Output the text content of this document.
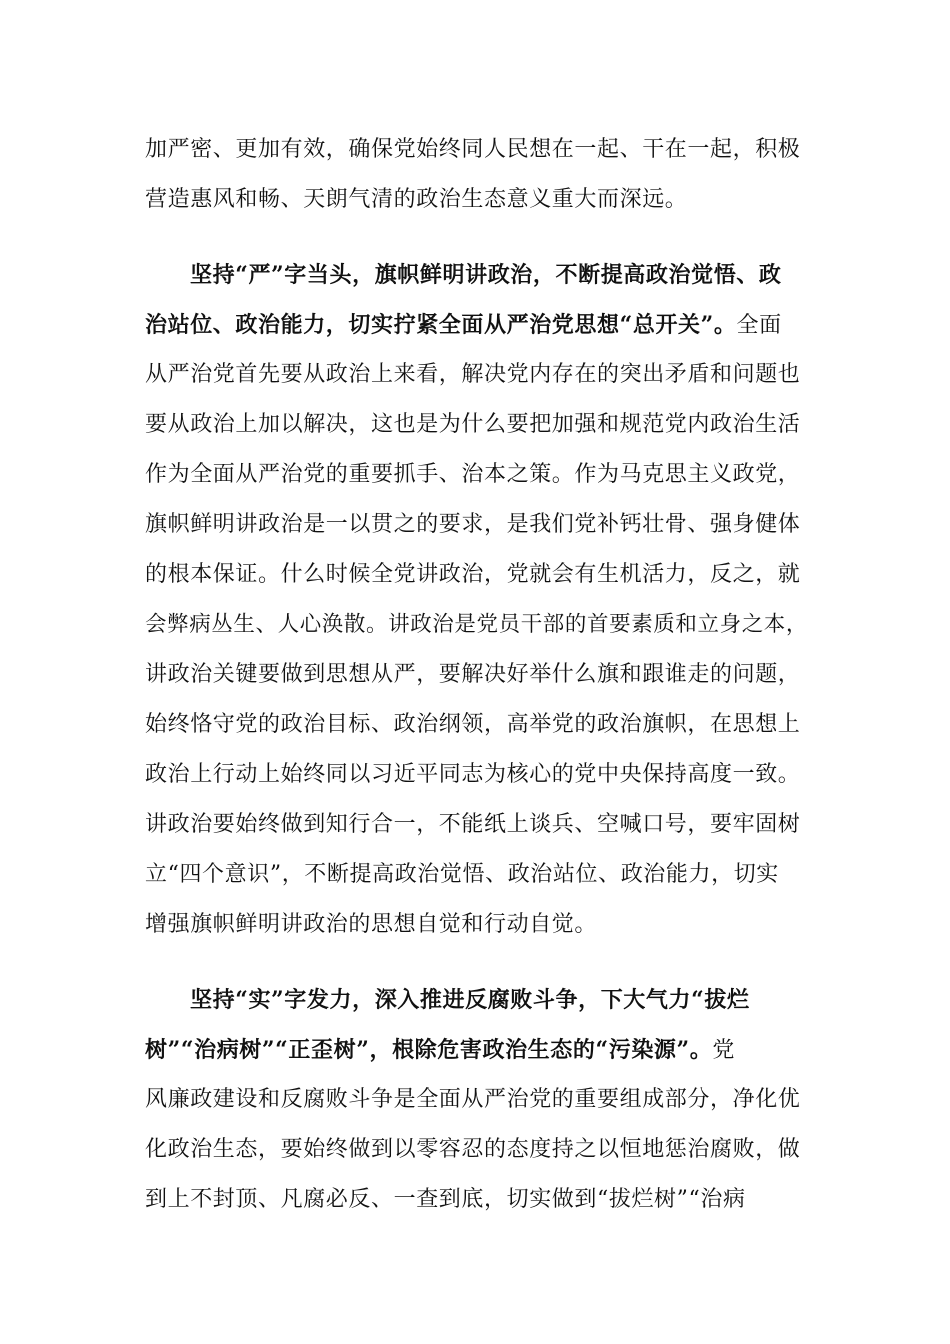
加严密、更加有效，确保党始终同人民想在一起、干在一起，积极
营造惠风和畅、天朗气清的政治生态意义重大而深远。
坚持“严”字当头，旗帜鲜明讲政治，不断提高政治觉悟、政
治站位、政治能力，切实拧紧全面从严治党思想“总开关”。全面
从严治党首先要从政治上来看，解决党内存在的突出矛盾和问题也
要从政治上加以解决，这也是为什么要把加强和规范党内政治生活
作为全面从严治党的重要抓手、治本之策。作为马克思主义政党，
旗帜鲜明讲政治是一以贯之的要求，是我们党补钙壮骨、强身健体
的根本保证。什么时候全党讲政治，党就会有生机活力，反之，就
会弊病丛生、人心涣散。讲政治是党员干部的首要素质和立身之本，
讲政治关键要做到思想从严，要解决好举什么旗和跟谁走的问题，
始终恪守党的政治目标、政治纲领，高举党的政治旗帜，在思想上
政治上行动上始终同以习近平同志为核心的党中央保持高度一致。
讲政治要始终做到知行合一，不能纸上谈兵、空喊口号，要牢固树
立“四个意识”，不断提高政治觉悟、政治站位、政治能力，切实
增强旗帜鲜明讲政治的思想自觉和行动自觉。
坚持“实”字发力，深入推进反腐败斗争，下大气力“拔烂
树”“治病树”“正歪树”，根除危害政治生态的“污染源”。党
风廉政建设和反腐败斗争是全面从严治党的重要组成部分，净化优
化政治生态，要始终做到以零容忍的态度持之以恒地惩治腐败，做
到上不封顶、凡腐必反、一查到底，切实做到“拔烂树”“治病
